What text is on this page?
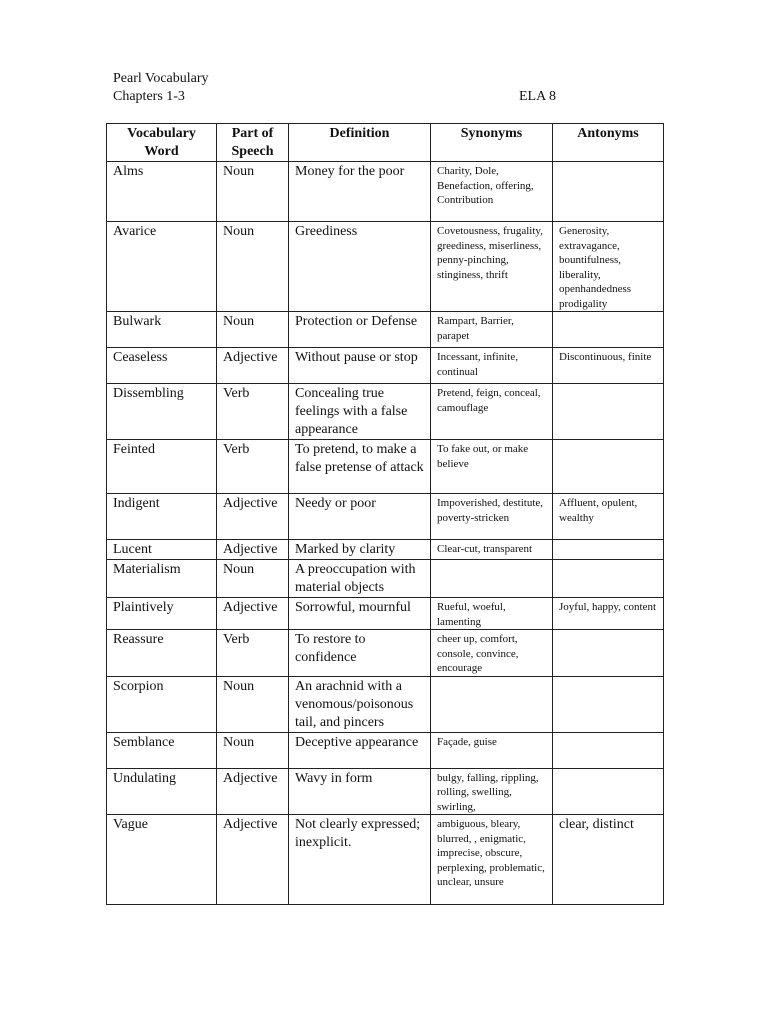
Pearl Vocabulary
Chapters 1-3	ELA 8
Vocabulary Word	Part of Speech	Definition	Synonyms	Antonyms
Alms	Noun	Money for the poor	Charity, Dole, Benefaction, offering, Contribution	
Avarice	Noun	Greediness	Covetousness, frugality, greediness, miserliness, penny-pinching, stinginess, thrift	Generosity, extravagance, bountifulness, liberality, openhandedness prodigality
Bulwark	Noun	Protection or Defense	Rampart, Barrier, parapet	
Ceaseless	Adjective	Without pause or stop	Incessant, infinite, continual	Discontinuous, finite
Dissembling	Verb	Concealing true feelings with a false appearance	Pretend, feign, conceal, camouflage	
Feinted	Verb	To pretend, to make a false pretense of attack	To fake out, or make believe	
Indigent	Adjective	Needy or poor	Impoverished, destitute, poverty-stricken	Affluent, opulent, wealthy
Lucent	Adjective	Marked by clarity	Clear-cut, transparent	
Materialism	Noun	A preoccupation with material objects		
Plaintively	Adjective	Sorrowful, mournful	Rueful, woeful, lamenting	Joyful, happy, content
Reassure	Verb	To restore to confidence	cheer up, comfort, console, convince, encourage	
Scorpion	Noun	An arachnid with a venomous/poisonous tail, and pincers		
Semblance	Noun	Deceptive appearance	Façade, guise	
Undulating	Adjective	Wavy in form	bulgy, falling, rippling, rolling, swelling, swirling,	
Vague	Adjective	Not clearly expressed; inexplicit.	ambiguous, bleary, blurred, , enigmatic, imprecise, obscure, perplexing, problematic, unclear, unsure	clear, distinct
